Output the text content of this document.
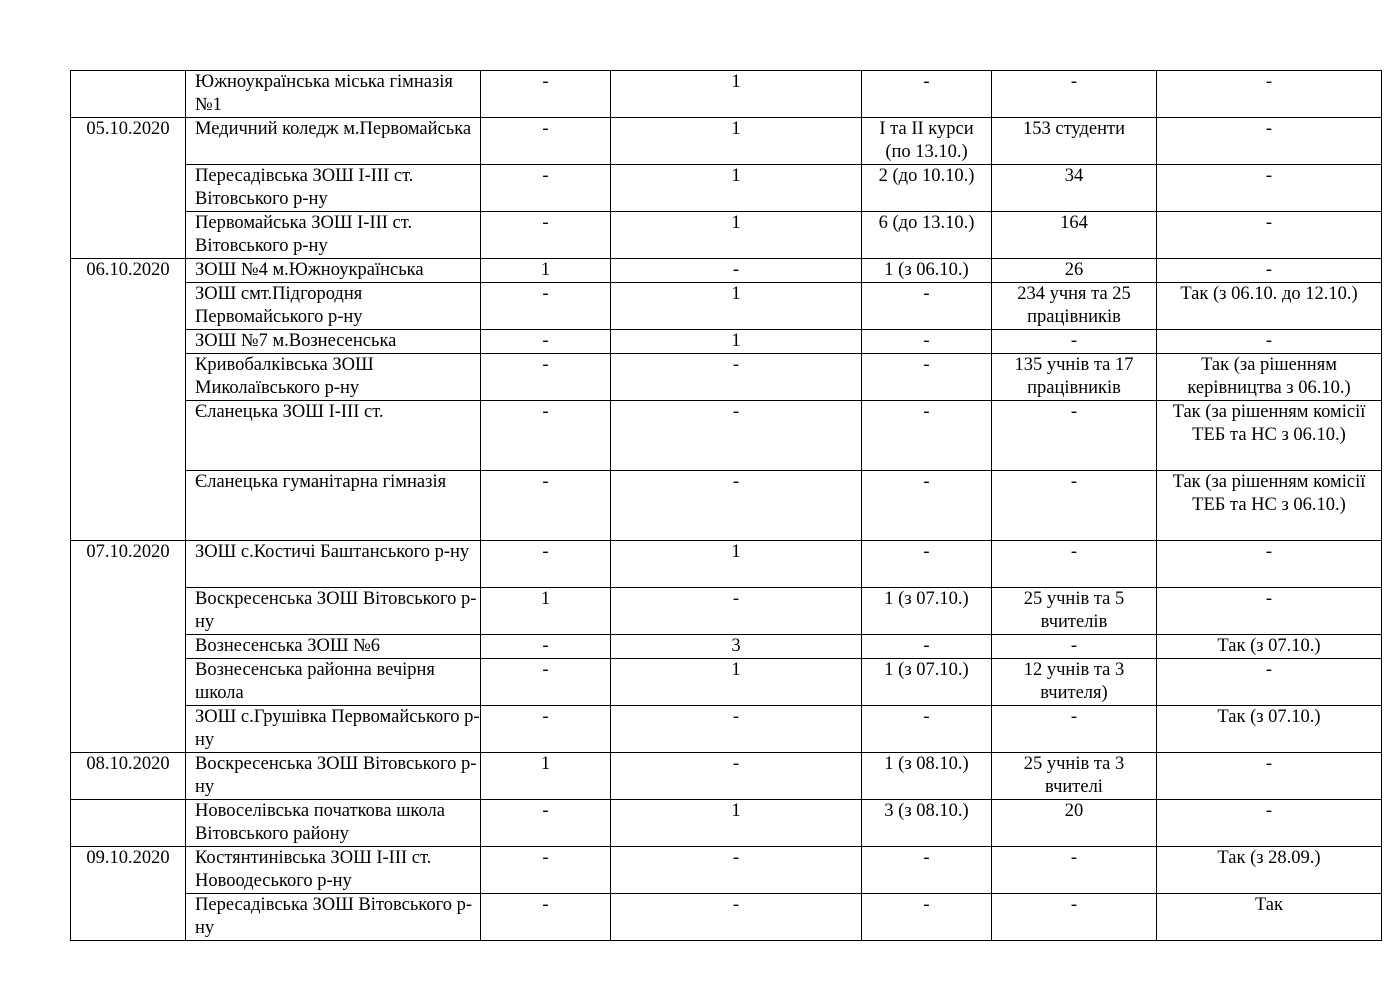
	Южноукраїнська міська гімназія №1	-	1	-	-	-
05.10.2020	Медичний коледж м.Первомайська	-	1	I та II курси (по 13.10.)	153 студенти	-
	Пересадівська ЗОШ І-ІІІ ст. Вітовського р-ну	-	1	2 (до 10.10.)	34	-
	Первомайська ЗОШ І-ІІІ ст. Вітовського р-ну	-	1	6 (до 13.10.)	164	-
06.10.2020	ЗОШ №4 м.Южноукраїнська	1	-	1 (з 06.10.)	26	-
	ЗОШ смт.Підгородня Первомайського р-ну	-	1	-	234 учня та 25 працівників	Так (з 06.10. до 12.10.)
	ЗОШ №7 м.Вознесенська	-	1	-	-	-
	Кривобалківська ЗОШ Миколаївського р-ну	-	-	-	135 учнів та 17 працівників	Так (за рішенням керівництва з 06.10.)
	Єланецька ЗОШ І-ІІІ ст.	-	-	-	-	Так (за рішенням комісії ТЕБ та НС з 06.10.)
	Єланецька гуманітарна гімназія	-	-	-	-	Так (за рішенням комісії ТЕБ та НС з 06.10.)
07.10.2020	ЗОШ с.Костичі Баштанського р-ну	-	1	-	-	-
	Воскресенська ЗОШ Вітовського р-ну	1	-	1 (з 07.10.)	25 учнів та 5 вчителів	-
	Вознесенська ЗОШ №6	-	3	-	-	Так (з 07.10.)
	Вознесенська районна вечірня школа	-	1	1 (з 07.10.)	12 учнів та 3 вчителя)	-
	ЗОШ с.Грушівка Первомайського р-ну	-	-	-	-	Так (з 07.10.)
08.10.2020	Воскресенська ЗОШ Вітовського р-ну	1	-	1 (з 08.10.)	25 учнів та 3 вчителі	-
	Новоселівська початкова школа Вітовського району	-	1	3 (з 08.10.)	20	-
09.10.2020	Костянтинівська ЗОШ І-ІІІ ст. Новоодеського р-ну	-	-	-	-	Так (з 28.09.)
	Пересадівська ЗОШ Вітовського р-ну	-	-	-	-	Так
